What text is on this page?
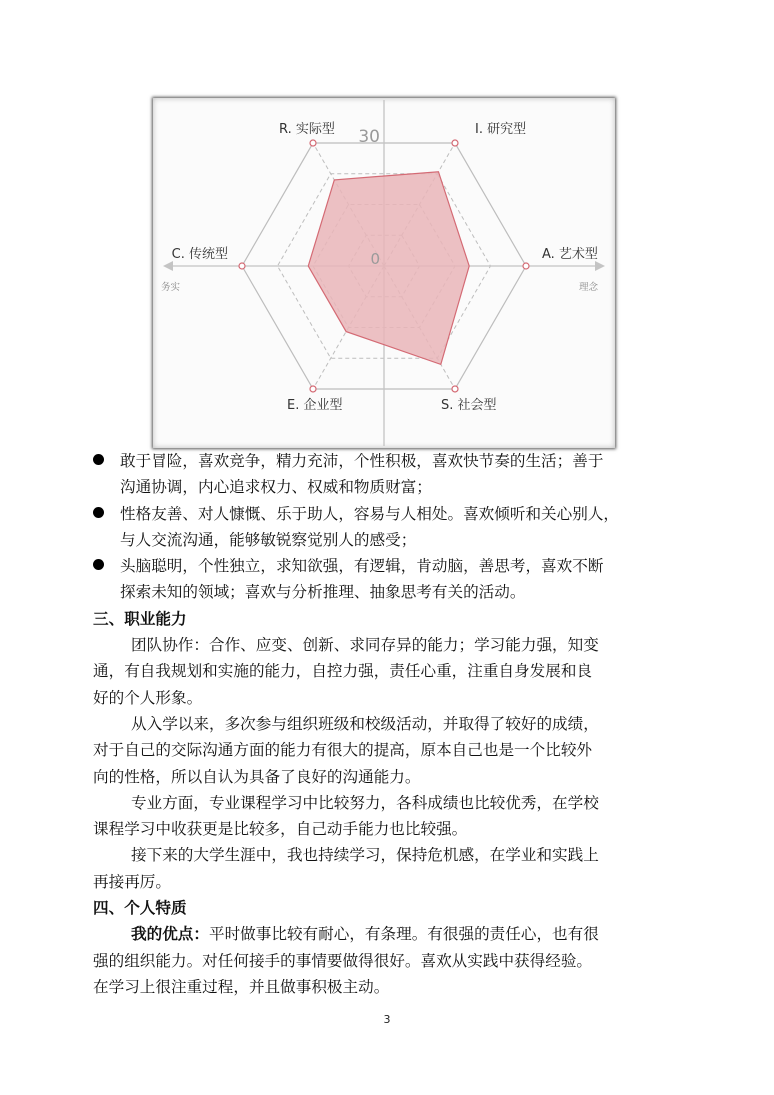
I. 研究型
A. 艺术型
S. 社会型
E. 企业型
C. 传统型
R. 实际型 30
0
务实	理念
敢于冒险，喜欢竞争，精力充沛，个性积极，喜欢快节奏的生活；善于
沟通协调，内心追求权力、权威和物质财富；
性格友善、对人慷慨、乐于助人，容易与人相处。喜欢倾听和关心别人，
与人交流沟通，能够敏锐察觉别人的感受；
头脑聪明，个性独立，求知欲强，有逻辑，肯动脑，善思考，喜欢不断
探索未知的领域；喜欢与分析推理、抽象思考有关的活动。
三、职业能力
团队协作：合作、应变、创新、求同存异的能力；学习能力强，知变
通，有自我规划和实施的能力，自控力强，责任心重，注重自身发展和良
好的个人形象。
从入学以来，多次参与组织班级和校级活动，并取得了较好的成绩，
对于自己的交际沟通方面的能力有很大的提高，原本自己也是一个比较外
向的性格，所以自认为具备了良好的沟通能力。
专业方面，专业课程学习中比较努力，各科成绩也比较优秀，在学校
课程学习中收获更是比较多，自己动手能力也比较强。
接下来的大学生涯中，我也持续学习，保持危机感，在学业和实践上
再接再厉。
四、个人特质
我的优点：平时做事比较有耐心，有条理。有很强的责任心，也有很
强的组织能力。对任何接手的事情要做得很好。喜欢从实践中获得经验。
在学习上很注重过程，并且做事积极主动。
3
